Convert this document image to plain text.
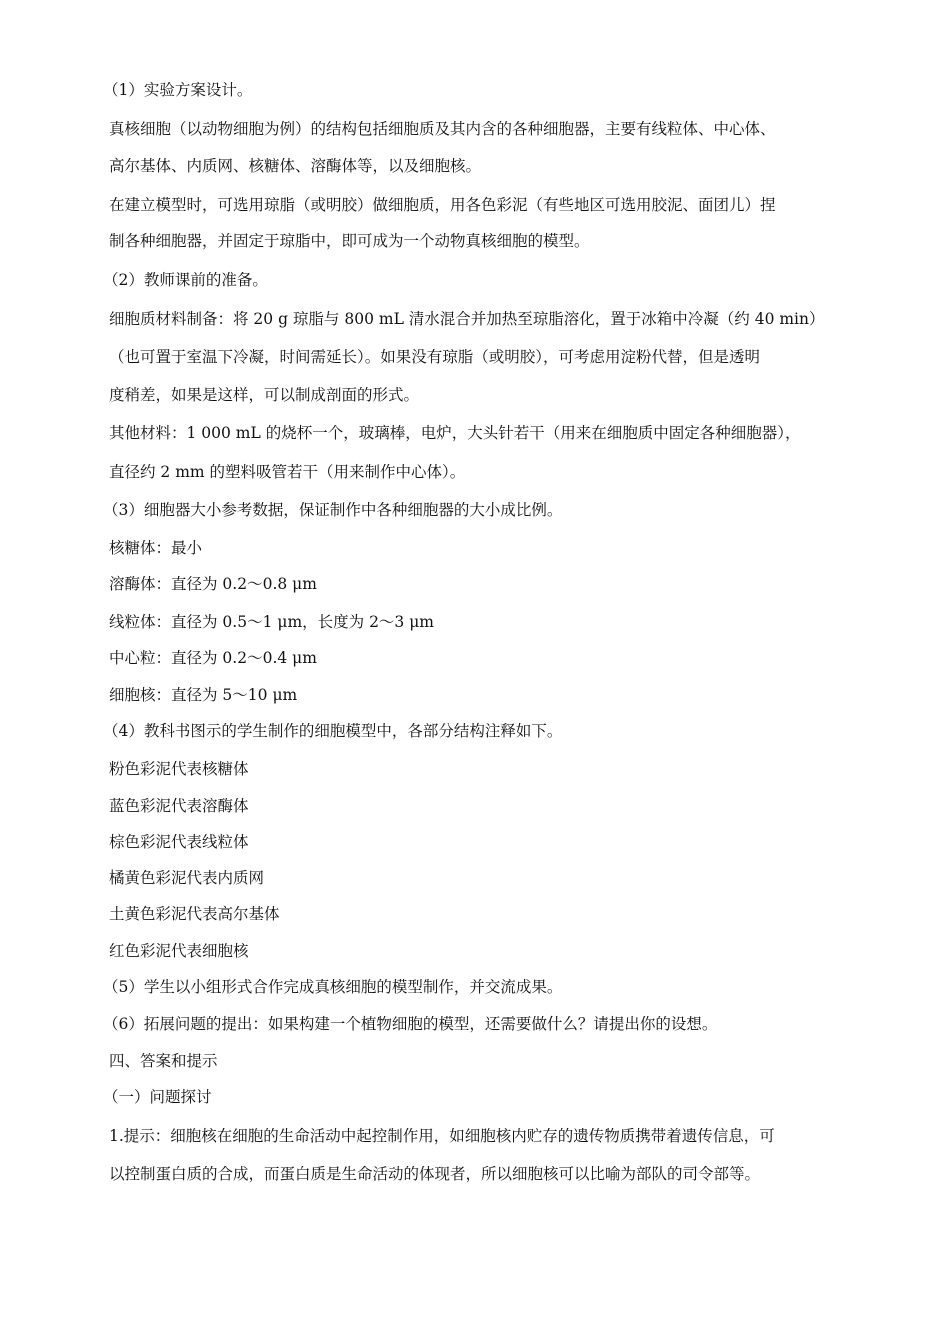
（1）实验方案设计。
真核细胞（以动物细胞为例）的结构包括细胞质及其内含的各种细胞器，主要有线粒体、中心体、
高尔基体、内质网、核糖体、溶酶体等，以及细胞核。
在建立模型时，可选用琼脂（或明胶）做细胞质，用各色彩泥（有些地区可选用胶泥、面团儿）捏
制各种细胞器，并固定于琼脂中，即可成为一个动物真核细胞的模型。
（2）教师课前的准备。
细胞质材料制备：将 20 g 琼脂与 800 mL 清水混合并加热至琼脂溶化，置于冰箱中冷凝（约 40 min）
（也可置于室温下冷凝，时间需延长）。如果没有琼脂（或明胶），可考虑用淀粉代替，但是透明
度稍差，如果是这样，可以制成剖面的形式。
其他材料：1 000 mL 的烧杯一个，玻璃棒，电炉，大头针若干（用来在细胞质中固定各种细胞器），
直径约 2 mm 的塑料吸管若干（用来制作中心体）。
（3）细胞器大小参考数据，保证制作中各种细胞器的大小成比例。
核糖体：最小
溶酶体：直径为 0.2～0.8 μm
线粒体：直径为 0.5～1 μm，长度为 2～3 μm
中心粒：直径为 0.2～0.4 μm
细胞核：直径为 5～10 μm
（4）教科书图示的学生制作的细胞模型中，各部分结构注释如下。
粉色彩泥代表核糖体
蓝色彩泥代表溶酶体
棕色彩泥代表线粒体
橘黄色彩泥代表内质网
土黄色彩泥代表高尔基体
红色彩泥代表细胞核
（5）学生以小组形式合作完成真核细胞的模型制作，并交流成果。
（6）拓展问题的提出：如果构建一个植物细胞的模型，还需要做什么？请提出你的设想。
四、答案和提示
（一）问题探讨
1.提示：细胞核在细胞的生命活动中起控制作用，如细胞核内贮存的遗传物质携带着遗传信息，可
以控制蛋白质的合成，而蛋白质是生命活动的体现者，所以细胞核可以比喻为部队的司令部等。
